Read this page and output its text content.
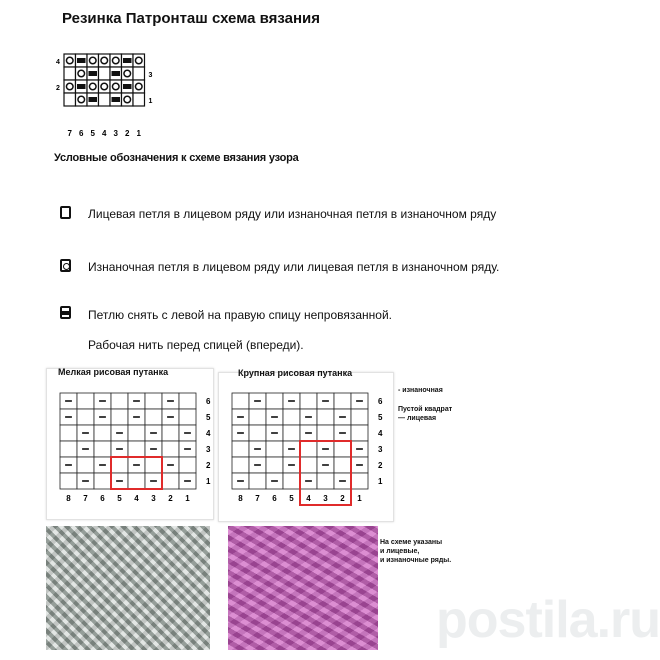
Резинка Патронташ схема вязания
4
3
2
1
7 6 5 4 3 2 1
Условные обозначения к схеме вязания узора
Лицевая петля в лицевом ряду или изнаночная петля в изнаночном ряду
Изнаночная петля в лицевом ряду или лицевая петля в изнаночном ряду.
Петлю снять с левой на правую спицу непровязанной.
Рабочая нить перед спицей (впереди).
Мелкая рисовая путанка
6
5
4
3
2
1
8 7 6 5 4 3 2 1
Крупная рисовая путанка
6
5
4
3
2
1
8 7 6 5 4 3 2 1
- изнаночная
Пустой квадрат
— лицевая
На схеме указаны
и лицевые,
и изнаночные ряды.
postila.ru
